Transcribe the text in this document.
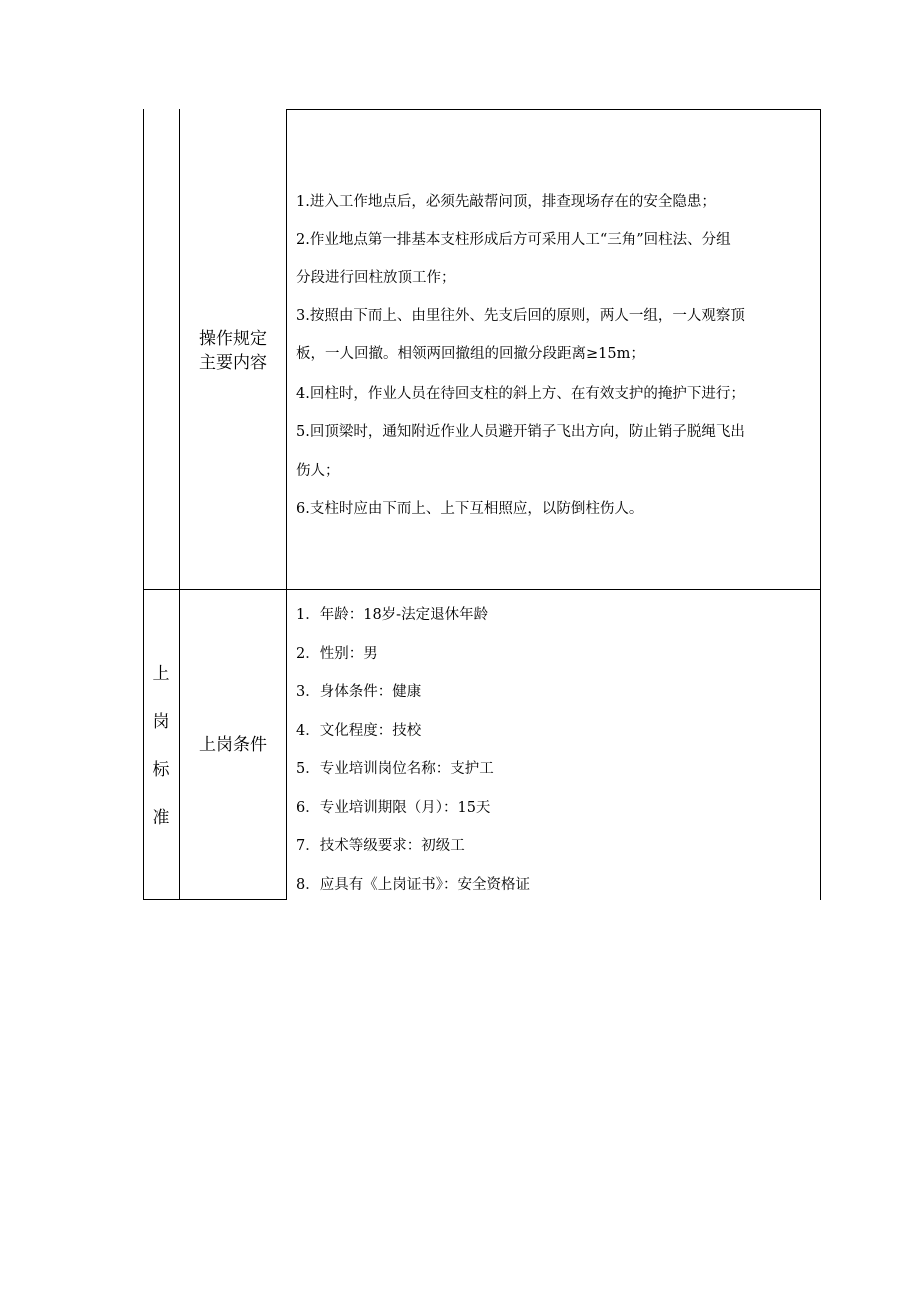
操作规定
主要内容
1.进入工作地点后，必须先敲帮问顶，排查现场存在的安全隐患；
2.作业地点第一排基本支柱形成后方可采用人工“三角”回柱法、分组
分段进行回柱放顶工作；
3.按照由下而上、由里往外、先支后回的原则，两人一组，一人观察顶
板，一人回撤。相领两回撤组的回撤分段距离≥15m；
4.回柱时，作业人员在待回支柱的斜上方、在有效支护的掩护下进行；
5.回顶梁时，通知附近作业人员避开销子飞出方向，防止销子脱绳飞出
伤人；
6.支柱时应由下而上、上下互相照应，以防倒柱伤人。
上
岗
标
准
上岗条件
1．年龄：18岁-法定退休年龄
2．性别：男
3．身体条件：健康
4．文化程度：技校
5．专业培训岗位名称：支护工
6．专业培训期限（月）：15天
7．技术等级要求：初级工
8．应具有《上岗证书》：安全资格证
